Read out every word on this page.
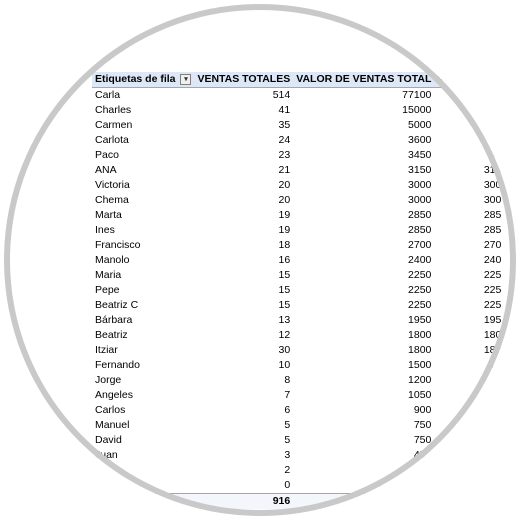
Etiquetas de fila ▾	VENTAS TOTALES	VALOR DE VENTAS TOTAL	INCENTIVO
Carla	514	77100	
Charles	41	15000	
Carmen	35	5000	
Carlota	24	3600	
Paco	23	3450	34
ANA	21	3150	315
Victoria	20	3000	300
Chema	20	3000	300
Marta	19	2850	285
Ines	19	2850	285
Francisco	18	2700	270
Manolo	16	2400	240
Maria	15	2250	225
Pepe	15	2250	225
Beatriz C	15	2250	225
Bárbara	13	1950	195
Beatriz	12	1800	180
Itziar	30	1800	180
Fernando	10	1500	15
Jorge	8	1200	
Angeles	7	1050	
Carlos	6	900	
Manuel	5	750	
David	5	750	
Juan	3	450	
	2	300	
	0		
	916		
